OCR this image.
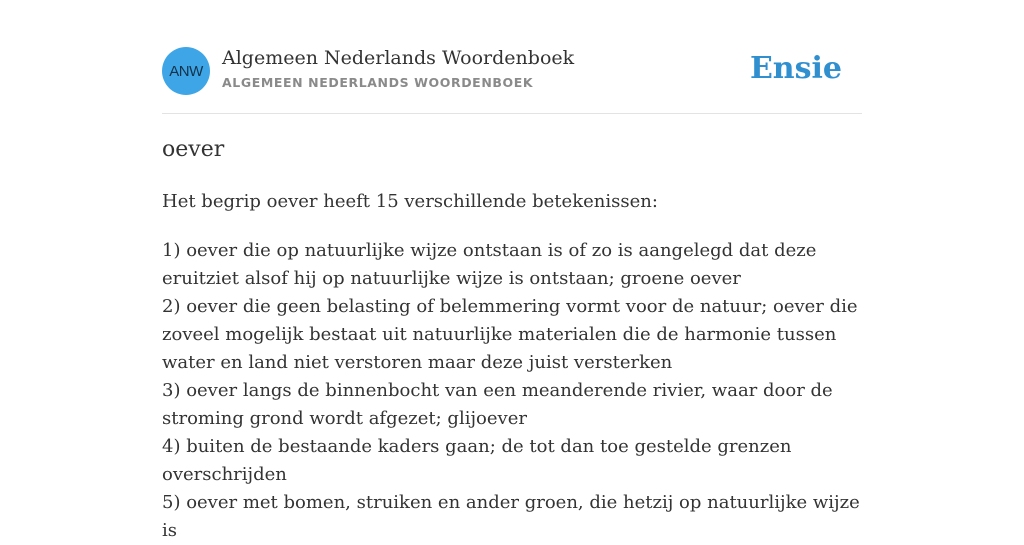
ANW
Algemeen Nederlands Woordenboek
ALGEMEEN NEDERLANDS WOORDENBOEK	Ensie
oever

Het begrip oever heeft 15 verschillende betekenissen:

1) oever die op natuurlijke wijze ontstaan is of zo is aangelegd dat deze eruitziet alsof hij op natuurlijke wijze is ontstaan; groene oever
2) oever die geen belasting of belemmering vormt voor de natuur; oever die zoveel mogelijk bestaat uit natuurlijke materialen die de harmonie tussen water en land niet verstoren maar deze juist versterken
3) oever langs de binnenbocht van een meanderende rivier, waar door de stroming grond wordt afgezet; glijoever
4) buiten de bestaande kaders gaan; de tot dan toe gestelde grenzen overschrijden
5) oever met bomen, struiken en ander groen, die hetzij op natuurlijke wijze is
